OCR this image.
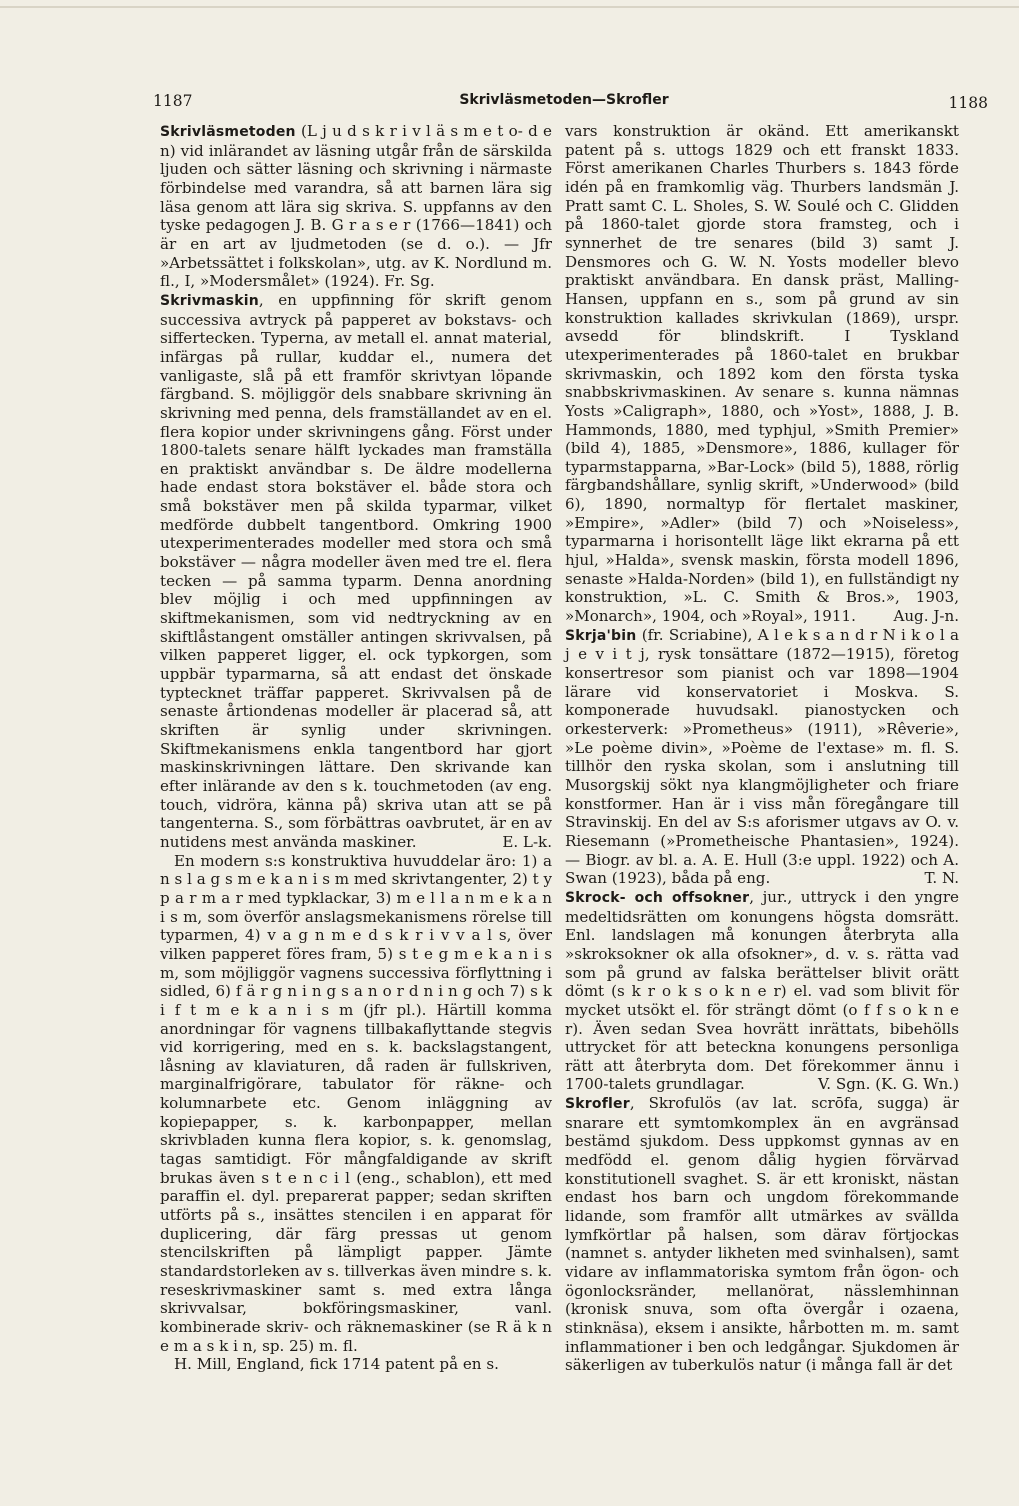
1187	Skrivläsmetoden—Skrofler	1188

Skrivläsmetoden (L j u d s k r i v l ä s m e t o- d e n) vid inlärandet av läsning utgår från de särskilda ljuden och sätter läsning och skrivning i närmaste förbindelse med varandra, så att barnen lära sig läsa genom att lära sig skriva. S. uppfanns av den tyske pedagogen J. B. G r a s e r (1766—1841) och är en art av ljudmetoden (se d. o.). — Jfr »Arbetssättet i folkskolan», utg. av K. Nordlund m. fl., I, »Modersmålet» (1924). Fr. Sg.

Skrivmaskin, en uppfinning för skrift genom successiva avtryck på papperet av bokstavs- och siffertecken. Typerna, av metall el. annat material, infärgas på rullar, kuddar el., numera det vanligaste, slå på ett framför skrivtyan löpande färgband. S. möjliggör dels snabbare skrivning än skrivning med penna, dels framställandet av en el. flera kopior under skrivningens gång. Först under 1800-talets senare hälft lyckades man framställa en praktiskt användbar s. De äldre modellerna hade endast stora bokstäver el. både stora och små bokstäver men på skilda typarmar, vilket medförde dubbelt tangentbord. Omkring 1900 utexperimenterades modeller med stora och små bokstäver — några modeller även med tre el. flera tecken — på samma typarm. Denna anordning blev möjlig i och med uppfinningen av skiftmekanismen, som vid nedtryckning av en skiftlåstangent omställer antingen skrivvalsen, på vilken papperet ligger, el. ock typkorgen, som uppbär typarmarna, så att endast det önskade typtecknet träffar papperet. Skrivvalsen på de senaste årtiondenas modeller är placerad så, att skriften är synlig under skrivningen. Skiftmekanismens enkla tangentbord har gjort maskinskrivningen lättare. Den skrivande kan efter inlärande av den s k. touchmetoden (av eng. touch, vidröra, känna på) skriva utan att se på tangenterna. S., som förbättras oavbrutet, är en av nutidens mest använda maskiner.	E. L-k.

En modern s:s konstruktiva huvuddelar äro: 1) a n s l a g s m e k a n i s m med skrivtangenter, 2) t y p a r m a r med typklackar, 3) m e l l a n m e k a n i s m, som överför anslagsmekanismens rörelse till typarmen, 4) v a g n m e d s k r i v v a l s, över vilken papperet föres fram, 5) s t e g m e k a n i s m, som möjliggör vagnens successiva förflyttning i sidled, 6) f ä r g n i n g s a n o r d n i n g och 7) s k i f t m e k a n i s m (jfr pl.). Härtill komma anordningar för vagnens tillbakaflyttande stegvis vid korrigering, med en s. k. backslagstangent, låsning av klaviaturen, då raden är fullskriven, marginalfrigörare, tabulator för räkne- och kolumnarbete etc. Genom inläggning av kopiepapper, s. k. karbonpapper, mellan skrivbladen kunna flera kopior, s. k. genomslag, tagas samtidigt. För mångfaldigande av skrift brukas även s t e n c i l (eng., schablon), ett med paraffin el. dyl. preparerat papper; sedan skriften utförts på s., insättes stencilen i en apparat för duplicering, där färg pressas ut genom stencilskriften på lämpligt papper. Jämte standardstorleken av s. tillverkas även mindre s. k. reseskrivmaskiner samt s. med extra långa skrivvalsar, bokföringsmaskiner, vanl. kombinerade skriv- och räknemaskiner (se R ä k n e m a s k i n, sp. 25) m. fl.

H. Mill, England, fick 1714 patent på en s.

vars konstruktion är okänd. Ett amerikanskt patent på s. uttogs 1829 och ett franskt 1833. Först amerikanen Charles Thurbers s. 1843 förde idén på en framkomlig väg. Thurbers landsmän J. Pratt samt C. L. Sholes, S. W. Soulé och C. Glidden på 1860-talet gjorde stora framsteg, och i synnerhet de tre senares (bild 3) samt J. Densmores och G. W. N. Yosts modeller blevo praktiskt användbara. En dansk präst, Malling-Hansen, uppfann en s., som på grund av sin konstruktion kallades skrivkulan (1869), urspr. avsedd för blindskrift. I Tyskland utexperimenterades på 1860-talet en brukbar skrivmaskin, och 1892 kom den första tyska snabbskrivmaskinen. Av senare s. kunna nämnas Yosts »Caligraph», 1880, och »Yost», 1888, J. B. Hammonds, 1880, med typhjul, »Smith Premier» (bild 4), 1885, »Densmore», 1886, kullager för typarmstapparna, »Bar-Lock» (bild 5), 1888, rörlig färgbandshållare, synlig skrift, »Underwood» (bild 6), 1890, normaltyp för flertalet maskiner, »Empire», »Adler» (bild 7) och »Noiseless», typarmarna i horisontellt läge likt ekrarna på ett hjul, »Halda», svensk maskin, första modell 1896, senaste »Halda-Norden» (bild 1), en fullständigt ny konstruktion, »L. C. Smith & Bros.», 1903, »Monarch», 1904, och »Royal», 1911. Aug. J-n.

Skrja'bin (fr. Scriabine), A l e k s a n d r N i k o l a j e v i t j, rysk tonsättare (1872—1915), företog konsertresor som pianist och var 1898—1904 lärare vid konservatoriet i Moskva. S. komponerade huvudsakl. pianostycken och orkesterverk: »Prometheus» (1911), »Rêverie», »Le poème divin», »Poème de l'extase» m. fl. S. tillhör den ryska skolan, som i anslutning till Musorgskij sökt nya klangmöjligheter och friare konstformer. Han är i viss mån föregångare till Stravinskij. En del av S:s aforismer utgavs av O. v. Riesemann (»Prometheische Phantasien», 1924). — Biogr. av bl. a. A. E. Hull (3:e uppl. 1922) och A. Swan (1923), båda på eng.	T. N.

Skrock- och offsokner, jur., uttryck i den yngre medeltidsrätten om konungens högsta domsrätt. Enl. landslagen må konungen återbryta alla »skroksokner ok alla ofsokner», d. v. s. rätta vad som på grund av falska berättelser blivit orätt dömt (s k r o k s o k n e r) el. vad som blivit för mycket utsökt el. för strängt dömt (o f f s o k n e r). Även sedan Svea hovrätt inrättats, bibehölls uttrycket för att beteckna konungens personliga rätt att återbryta dom. Det förekommer ännu i 1700-talets grundlagar.	V. Sgn. (K. G. Wn.)

Skrofler, Skrofulös (av lat. scrōfa, sugga) är snarare ett symtomkomplex än en avgränsad bestämd sjukdom. Dess uppkomst gynnas av en medfödd el. genom dålig hygien förvärvad konstitutionell svaghet. S. är ett kroniskt, nästan endast hos barn och ungdom förekommande lidande, som framför allt utmärkes av svällda lymfkörtlar på halsen, som därav förtjockas (namnet s. antyder likheten med svinhalsen), samt vidare av inflammatoriska symtom från ögon- och ögonlocksränder, mellanörat, nässlemhinnan (kronisk snuva, som ofta övergår i ozaena, stinknäsa), eksem i ansikte, hårbotten m. m. samt inflammationer i ben och ledgångar. Sjukdomen är säkerligen av tuberkulös natur (i många fall är det
